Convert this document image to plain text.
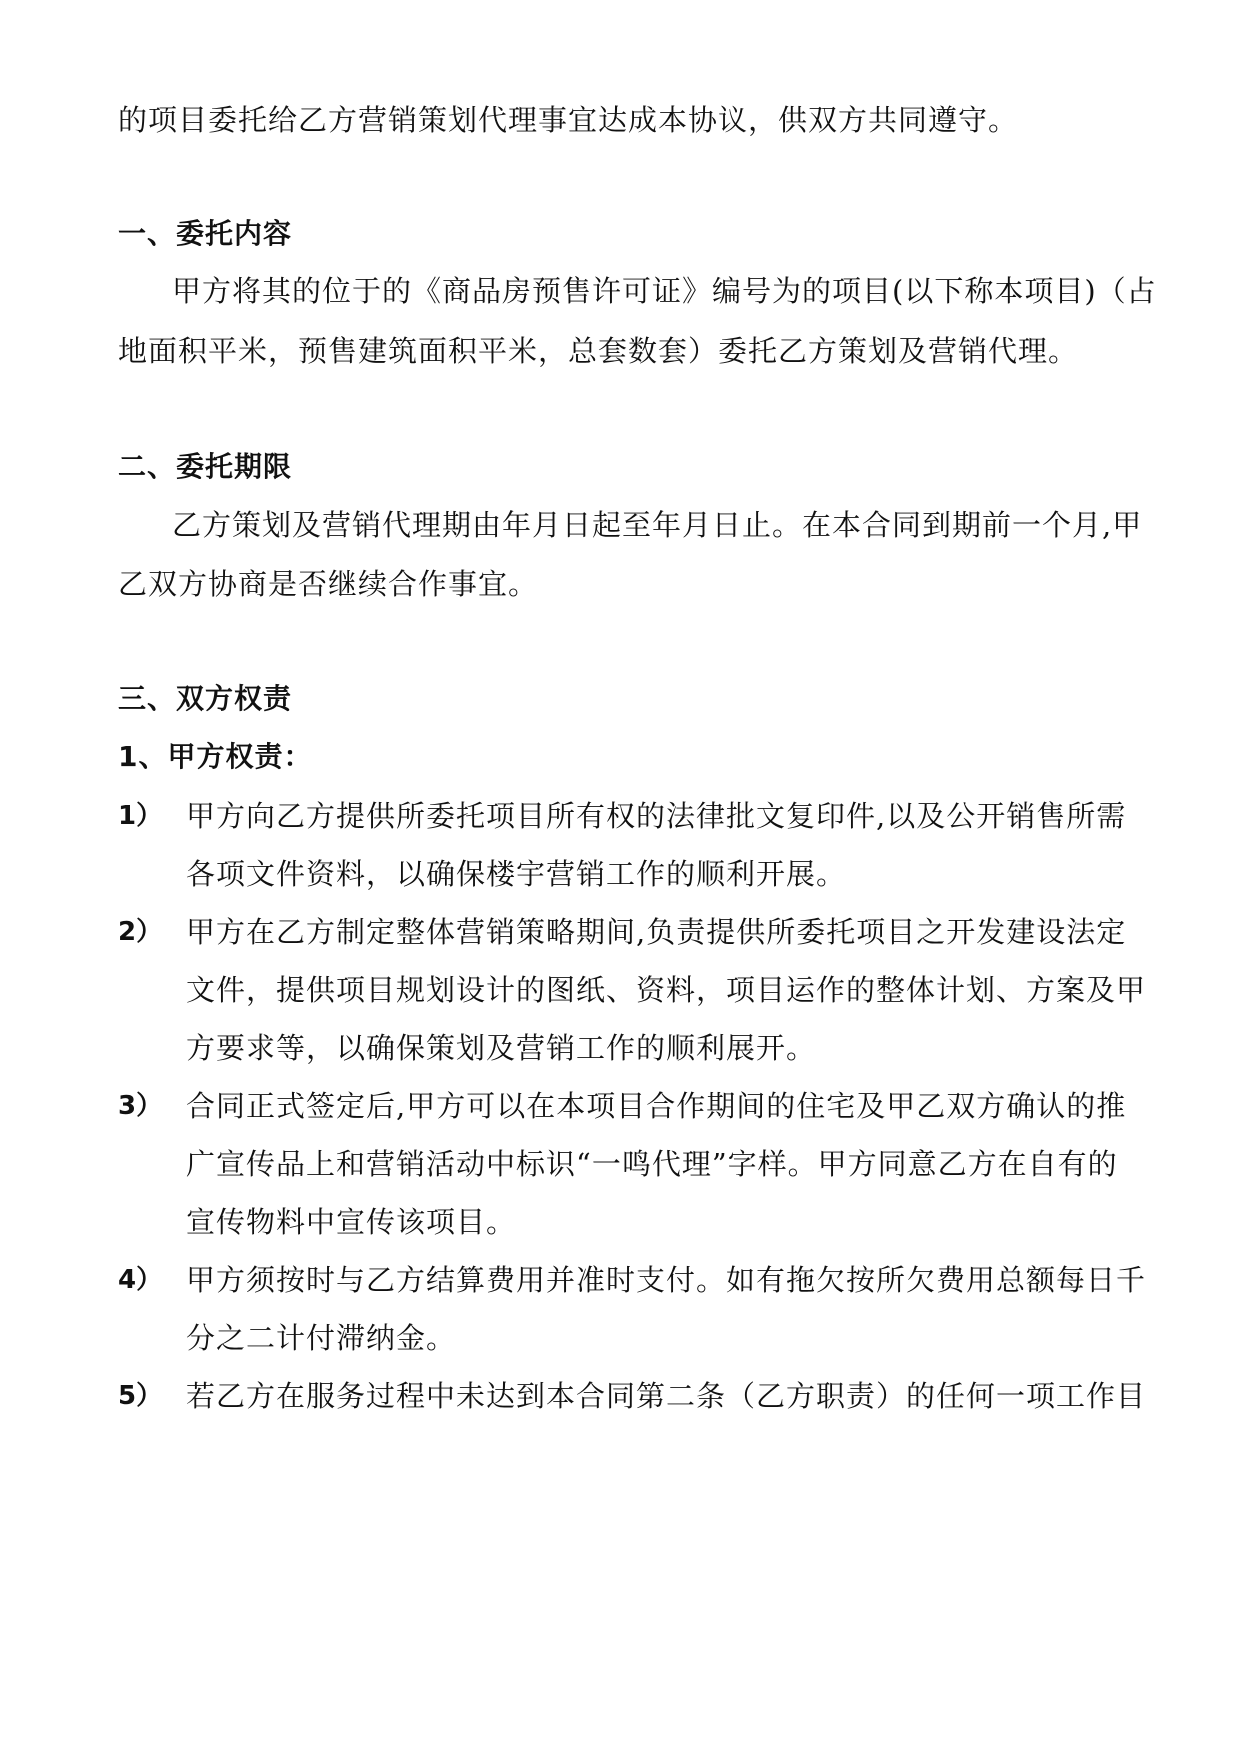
的项目委托给乙方营销策划代理事宜达成本协议，供双方共同遵守。
一、委托内容
甲方将其的位于的《商品房预售许可证》编号为的项目(以下称本项目)（占
地面积平米，预售建筑面积平米，总套数套）委托乙方策划及营销代理。
二、委托期限
乙方策划及营销代理期由年月日起至年月日止。在本合同到期前一个月,甲
乙双方协商是否继续合作事宜。
三、双方权责
1、甲方权责：
1） 甲方向乙方提供所委托项目所有权的法律批文复印件,以及公开销售所需
各项文件资料，以确保楼宇营销工作的顺利开展。
2） 甲方在乙方制定整体营销策略期间,负责提供所委托项目之开发建设法定
文件，提供项目规划设计的图纸、资料，项目运作的整体计划、方案及甲
方要求等，以确保策划及营销工作的顺利展开。
3） 合同正式签定后,甲方可以在本项目合作期间的住宅及甲乙双方确认的推
广宣传品上和营销活动中标识“一鸣代理”字样。甲方同意乙方在自有的
宣传物料中宣传该项目。
4） 甲方须按时与乙方结算费用并准时支付。如有拖欠按所欠费用总额每日千
分之二计付滞纳金。
5） 若乙方在服务过程中未达到本合同第二条（乙方职责）的任何一项工作目
